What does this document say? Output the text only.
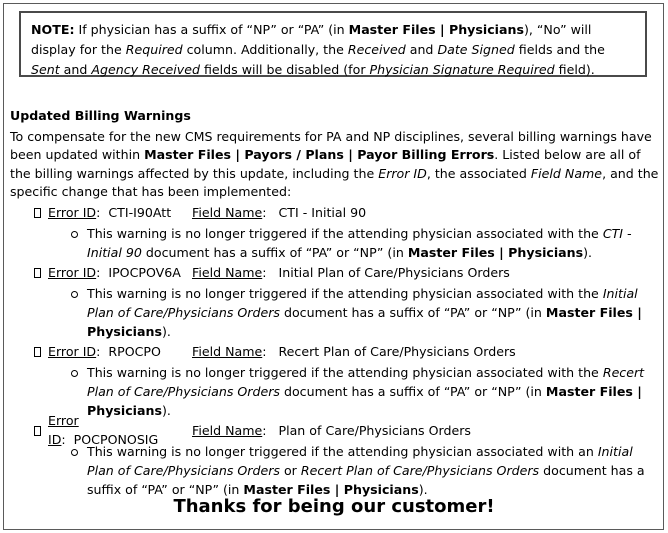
NOTE: If physician has a suffix of “NP” or “PA” (in Master Files | Physicians), “No” will display for the Required column. Additionally, the Received and Date Signed fields and the Sent and Agency Received fields will be disabled (for Physician Signature Required field).

Updated Billing Warnings

To compensate for the new CMS requirements for PA and NP disciplines, several billing warnings have been updated within Master Files | Payors / Plans | Payor Billing Errors. Listed below are all of the billing warnings affected by this update, including the Error ID, the associated Field Name, and the specific change that has been implemented:

Error ID:  CTI-I90Att	Field Name:   CTI - Initial 90
This warning is no longer triggered if the attending physician associated with the CTI - Initial 90 document has a suffix of “PA” or “NP” (in Master Files | Physicians).
Error ID:  IPOCPOV6A Field Name:   Initial Plan of Care/Physicians Orders
This warning is no longer triggered if the attending physician associated with the Initial Plan of Care/Physicians Orders document has a suffix of “PA” or “NP” (in Master Files | Physicians).
Error ID:  RPOCPO	Field Name:   Recert Plan of Care/Physicians Orders
This warning is no longer triggered if the attending physician associated with the Recert Plan of Care/Physicians Orders document has a suffix of “PA” or “NP” (in Master Files | Physicians).
Error ID:  POCPONOSIG
Field Name:   Plan of Care/Physicians Orders
This warning is no longer triggered if the attending physician associated with an Initial Plan of Care/Physicians Orders or Recert Plan of Care/Physicians Orders document has a suffix of “PA” or “NP” (in Master Files | Physicians).
Thanks for being our customer!
